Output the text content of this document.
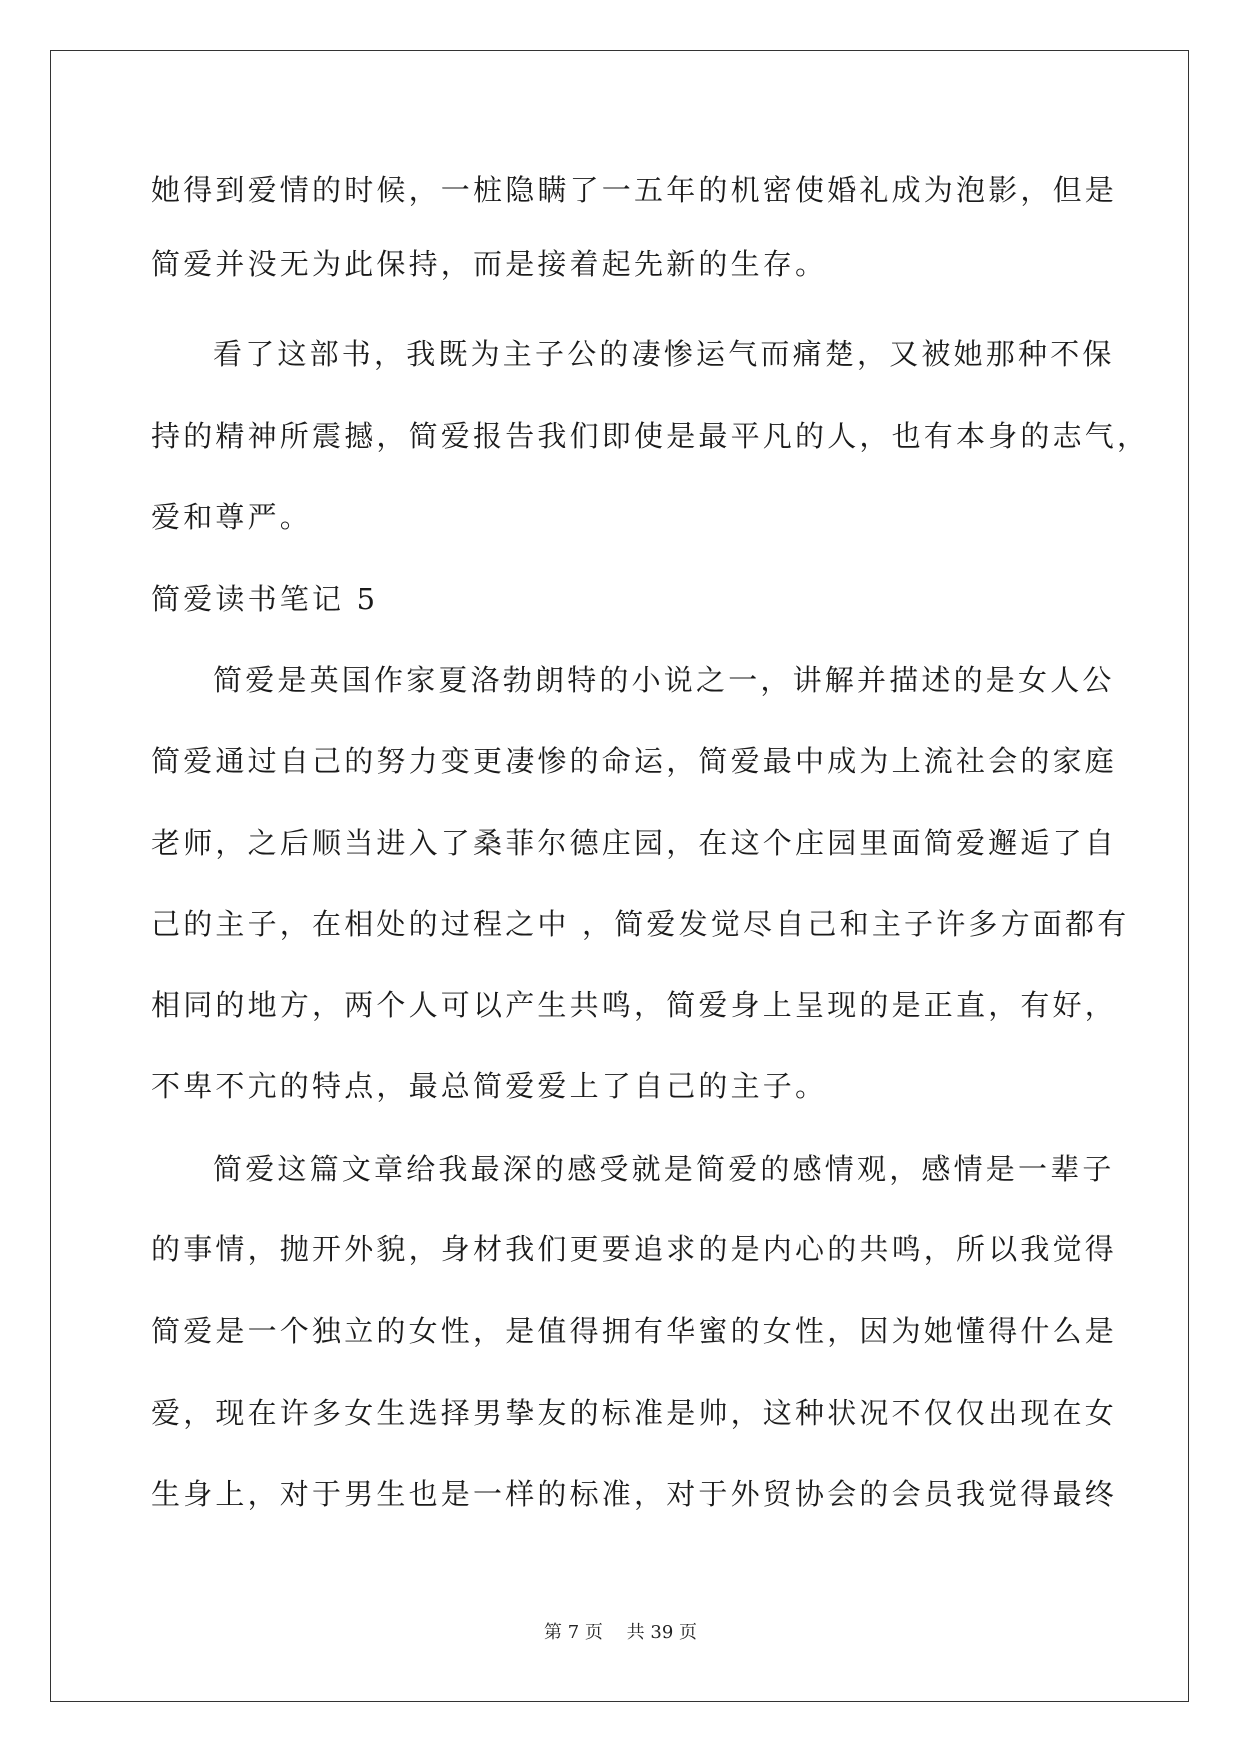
她得到爱情的时候，一桩隐瞒了一五年的机密使婚礼成为泡影，但是
简爱并没无为此保持，而是接着起先新的生存。
看了这部书，我既为主子公的凄惨运气而痛楚，又被她那种不保
持的精神所震撼，简爱报告我们即使是最平凡的人，也有本身的志气，
爱和尊严。
简爱读书笔记 5
简爱是英国作家夏洛勃朗特的小说之一，讲解并描述的是女人公
简爱通过自己的努力变更凄惨的命运，简爱最中成为上流社会的家庭
老师，之后顺当进入了桑菲尔德庄园，在这个庄园里面简爱邂逅了自
己的主子，在相处的过程之中 ，简爱发觉尽自己和主子许多方面都有
相同的地方，两个人可以产生共鸣，简爱身上呈现的是正直，有好，
不卑不亢的特点，最总简爱爱上了自己的主子。
简爱这篇文章给我最深的感受就是简爱的感情观，感情是一辈子
的事情，抛开外貌，身材我们更要追求的是内心的共鸣，所以我觉得
简爱是一个独立的女性，是值得拥有华蜜的女性，因为她懂得什么是
爱，现在许多女生选择男挚友的标准是帅，这种状况不仅仅出现在女
生身上，对于男生也是一样的标准，对于外贸协会的会员我觉得最终
第 7 页 共 39 页
